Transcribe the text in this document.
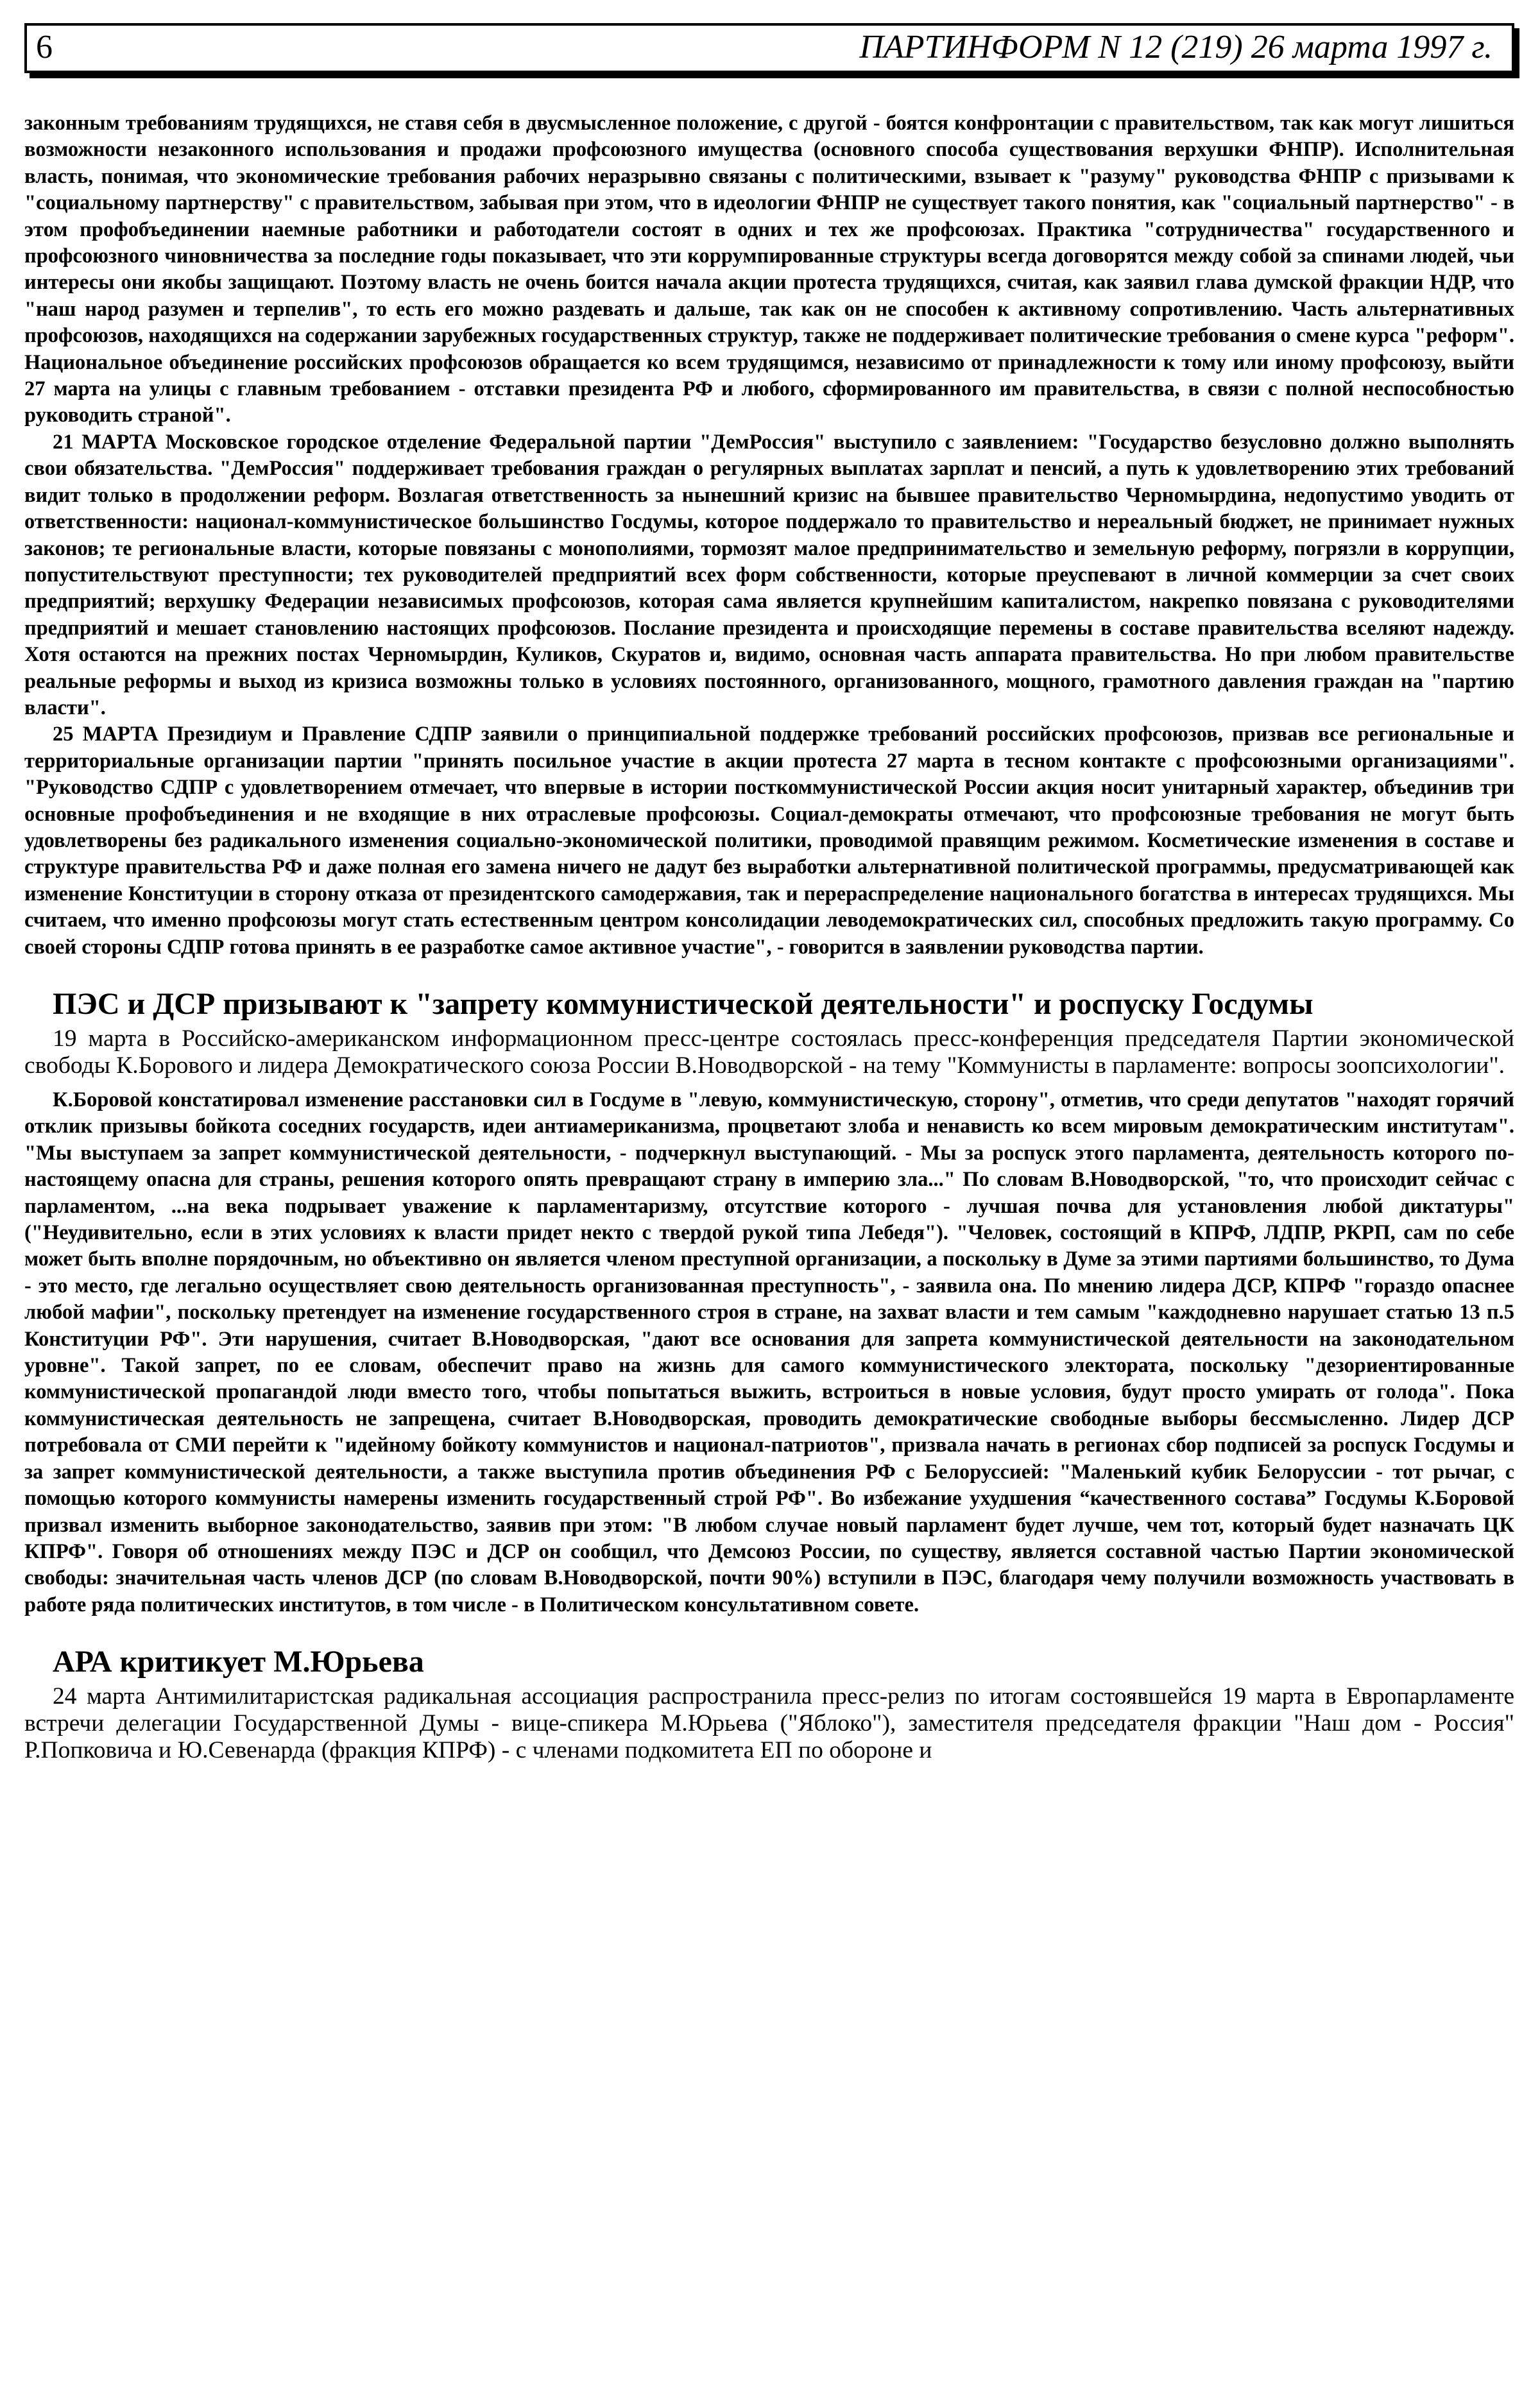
6	ПАРТИНФОРМ N 12 (219) 26 марта 1997 г.

законным требованиям трудящихся, не ставя себя в двусмысленное положение, с другой - боятся конфронтации с правительством, так как могут лишиться возможности незаконного использования и продажи профсоюзного имущества (основного способа существования верхушки ФНПР). Исполнительная власть, понимая, что экономические требования рабочих неразрывно связаны с политическими, взывает к "разуму" руководства ФНПР с призывами к "социальному партнерству" с правительством, забывая при этом, что в идеологии ФНПР не существует такого понятия, как "социальный партнерство" - в этом профобъединении наемные работники и работодатели состоят в одних и тех же профсоюзах. Практика "сотрудничества" государственного и профсоюзного чиновничества за последние годы показывает, что эти коррумпированные структуры всегда договорятся между собой за спинами людей, чьи интересы они якобы защищают. Поэтому власть не очень боится начала акции протеста трудящихся, считая, как заявил глава думской фракции НДР, что "наш народ разумен и терпелив", то есть его можно раздевать и дальше, так как он не способен к активному сопротивлению. Часть альтернативных профсоюзов, находящихся на содержании зарубежных государственных структур, также не поддерживает политические требования о смене курса "реформ". Национальное объединение российских профсоюзов обращается ко всем трудящимся, независимо от принадлежности к тому или иному профсоюзу, выйти 27 марта на улицы с главным требованием - отставки президента РФ и любого, сформированного им правительства, в связи с полной неспособностью руководить страной".

21 МАРТА Московское городское отделение Федеральной партии "ДемРоссия" выступило с заявлением: "Государство безусловно должно выполнять свои обязательства. "ДемРоссия" поддерживает требования граждан о регулярных выплатах зарплат и пенсий, а путь к удовлетворению этих требований видит только в продолжении реформ. Возлагая ответственность за нынешний кризис на бывшее правительство Черномырдина, недопустимо уводить от ответственности: национал-коммунистическое большинство Госдумы, которое поддержало то правительство и нереальный бюджет, не принимает нужных законов; те региональные власти, которые повязаны с монополиями, тормозят малое предпринимательство и земельную реформу, погрязли в коррупции, попустительствуют преступности; тех руководителей предприятий всех форм собственности, которые преуспевают в личной коммерции за счет своих предприятий; верхушку Федерации независимых профсоюзов, которая сама является крупнейшим капиталистом, накрепко повязана с руководителями предприятий и мешает становлению настоящих профсоюзов. Послание президента и происходящие перемены в составе правительства вселяют надежду. Хотя остаются на прежних постах Черномырдин, Куликов, Скуратов и, видимо, основная часть аппарата правительства. Но при любом правительстве реальные реформы и выход из кризиса возможны только в условиях постоянного, организованного, мощного, грамотного давления граждан на "партию власти".

25 МАРТА Президиум и Правление СДПР заявили о принципиальной поддержке требований российских профсоюзов, призвав все региональные и территориальные организации партии "принять посильное участие в акции протеста 27 марта в тесном контакте с профсоюзными организациями". "Руководство СДПР с удовлетворением отмечает, что впервые в истории посткоммунистической России акция носит унитарный характер, объединив три основные профобъединения и не входящие в них отраслевые профсоюзы. Социал-демократы отмечают, что профсоюзные требования не могут быть удовлетворены без радикального изменения социально-экономической политики, проводимой правящим режимом. Косметические изменения в составе и структуре правительства РФ и даже полная его замена ничего не дадут без выработки альтернативной политической программы, предусматривающей как изменение Конституции в сторону отказа от президентского самодержавия, так и перераспределение национального богатства в интересах трудящихся. Мы считаем, что именно профсоюзы могут стать естественным центром консолидации леводемократических сил, способных предложить такую программу. Со своей стороны СДПР готова принять в ее разработке самое активное участие", - говорится в заявлении руководства партии.

ПЭС и ДСР призывают к "запрету коммунистической деятельности" и роспуску Госдумы

19 марта в Российско-американском информационном пресс-центре состоялась пресс-конференция председателя Партии экономической свободы К.Борового и лидера Демократического союза России В.Новодворской - на тему "Коммунисты в парламенте: вопросы зоопсихологии".

К.Боровой констатировал изменение расстановки сил в Госдуме в "левую, коммунистическую, сторону", отметив, что среди депутатов "находят горячий отклик призывы бойкота соседних государств, идеи антиамериканизма, процветают злоба и ненависть ко всем мировым демократическим институтам". "Мы выступаем за запрет коммунистической деятельности, - подчеркнул выступающий. - Мы за роспуск этого парламента, деятельность которого по-настоящему опасна для страны, решения которого опять превращают страну в империю зла..." По словам В.Новодворской, "то, что происходит сейчас с парламентом, ...на века подрывает уважение к парламентаризму, отсутствие которого - лучшая почва для установления любой диктатуры" ("Неудивительно, если в этих условиях к власти придет некто с твердой рукой типа Лебедя"). "Человек, состоящий в КПРФ, ЛДПР, РКРП, сам по себе может быть вполне порядочным, но объективно он является членом преступной организации, а поскольку в Думе за этими партиями большинство, то Дума - это место, где легально осуществляет свою деятельность организованная преступность", - заявила она. По мнению лидера ДСР, КПРФ "гораздо опаснее любой мафии", поскольку претендует на изменение государственного строя в стране, на захват власти и тем самым "каждодневно нарушает статью 13 п.5 Конституции РФ". Эти нарушения, считает В.Новодворская, "дают все основания для запрета коммунистической деятельности на законодательном уровне". Такой запрет, по ее словам, обеспечит право на жизнь для самого коммунистического электората, поскольку "дезориентированные коммунистической пропагандой люди вместо того, чтобы попытаться выжить, встроиться в новые условия, будут просто умирать от голода". Пока коммунистическая деятельность не запрещена, считает В.Новодворская, проводить демократические свободные выборы бессмысленно. Лидер ДСР потребовала от СМИ перейти к "идейному бойкоту коммунистов и национал-патриотов", призвала начать в регионах сбор подписей за роспуск Госдумы и за запрет коммунистической деятельности, а также выступила против объединения РФ с Белоруссией: "Маленький кубик Белоруссии - тот рычаг, с помощью которого коммунисты намерены изменить государственный строй РФ". Во избежание ухудшения “качественного состава” Госдумы К.Боровой призвал изменить выборное законодательство, заявив при этом: "В любом случае новый парламент будет лучше, чем тот, который будет назначать ЦК КПРФ". Говоря об отношениях между ПЭС и ДСР он сообщил, что Демсоюз России, по существу, является составной частью Партии экономической свободы: значительная часть членов ДСР (по словам В.Новодворской, почти 90%) вступили в ПЭС, благодаря чему получили возможность участвовать в работе ряда политических институтов, в том числе - в Политическом консультативном совете.

АРА критикует М.Юрьева

24 марта Антимилитаристская радикальная ассоциация распространила пресс-релиз по итогам состоявшейся 19 марта в Европарламенте встречи делегации Государственной Думы - вице-спикера М.Юрьева ("Яблоко"), заместителя председателя фракции "Наш дом - Россия" Р.Попковича и Ю.Севенарда (фракция КПРФ) - с членами подкомитета ЕП по обороне и
